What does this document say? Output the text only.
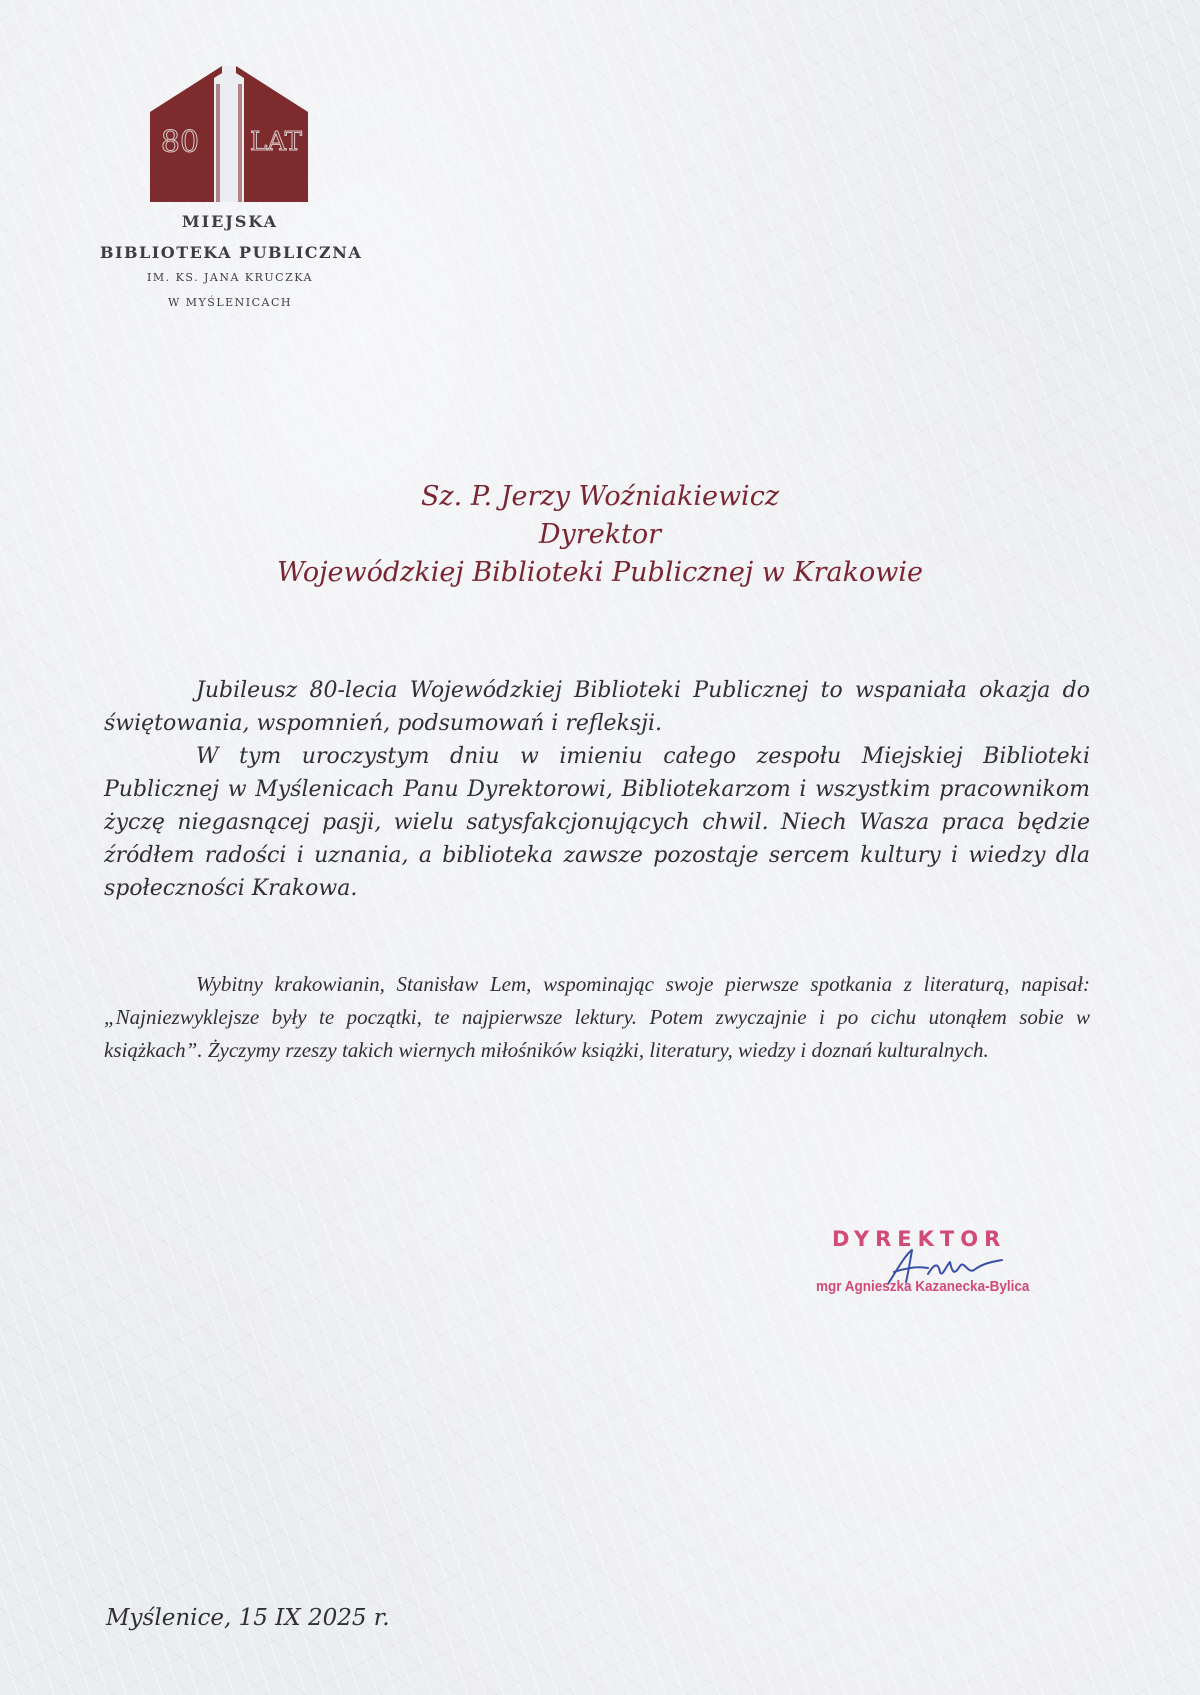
80 LAT
MIEJSKA
BIBLIOTEKA PUBLICZNA
IM. KS. JANA KRUCZKA
W MYŚLENICACH
Sz. P. Jerzy Woźniakiewicz
Dyrektor
Wojewódzkiej Biblioteki Publicznej w Krakowie

Jubileusz 80-lecia Wojewódzkiej Biblioteki Publicznej to wspaniała okazja do świętowania, wspomnień, podsumowań i refleksji.

W tym uroczystym dniu w imieniu całego zespołu Miejskiej Biblioteki Publicznej w Myślenicach Panu Dyrektorowi, Bibliotekarzom i wszystkim pracownikom życzę niegasnącej pasji, wielu satysfakcjonujących chwil. Niech Wasza praca będzie źródłem radości i uznania, a biblioteka zawsze pozostaje sercem kultury i wiedzy dla społeczności Krakowa.

Wybitny krakowianin, Stanisław Lem, wspominając swoje pierwsze spotkania z literaturą, napisał: „Najniezwyklejsze były te początki, te najpierwsze lektury. Potem zwyczajnie i po cichu utonąłem sobie w książkach”. Życzymy rzeszy takich wiernych miłośników książki, literatury, wiedzy i doznań kulturalnych.

DYREKTOR
mgr Agnieszka Kazanecka-Bylica
Myślenice, 15 IX 2025 r.
